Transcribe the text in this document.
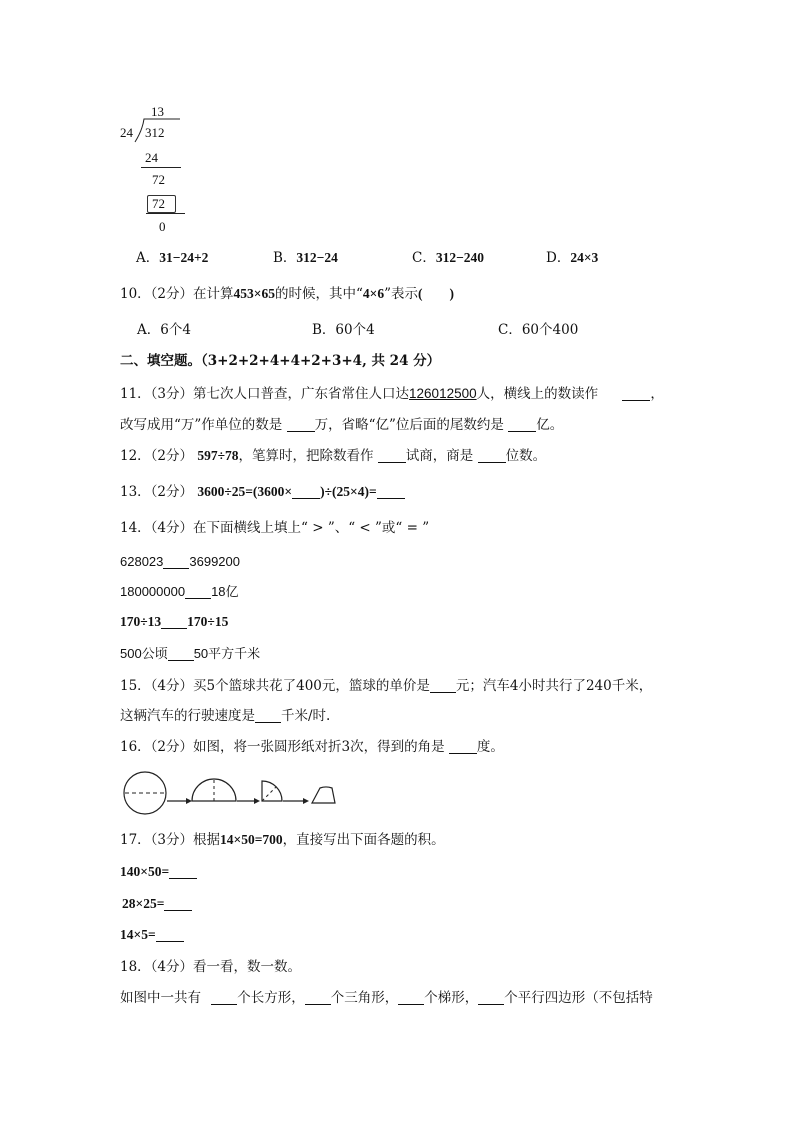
13
24 312
24
72
72
0
A．31−24+2	B．312−24	C．312−240	D．24×3
10．（2分）在计算453×65的时候，其中“4×6”表示(　　)
A．6个4	B．60个4	C．60个400
二、填空题。（3+2+2+4+4+2+3+4, 共 24 分）
11．（3分）第七次人口普查，广东省常住人口达126012500人，横线上的数读作	，
改写成用“万”作单位的数是 万，省略“亿”位后面的尾数约是 亿。
12．（2分） 597÷78，笔算时，把除数看作 试商，商是 位数。
13．（2分） 3600÷25=(3600× )÷(25×4)=
14．（4分）在下面横线上填上“ > ”、“ < ”或“ = ”
628023 3699200
180000000 18亿
170÷13 170÷15
500公顷 50平方千米
15．（4分）买5个篮球共花了400元，篮球的单价是 元；汽车4小时共行了240千米，
这辆汽车的行驶速度是 千米/时.
16．（2分）如图，将一张圆形纸对折3次，得到的角是 度。
17．（3分）根据14×50=700，直接写出下面各题的积。
140×50=
28×25=
14×5=
18．（4分）看一看，数一数。
如图中一共有	个长方形， 个三角形， 个梯形， 个平行四边形（不包括特
